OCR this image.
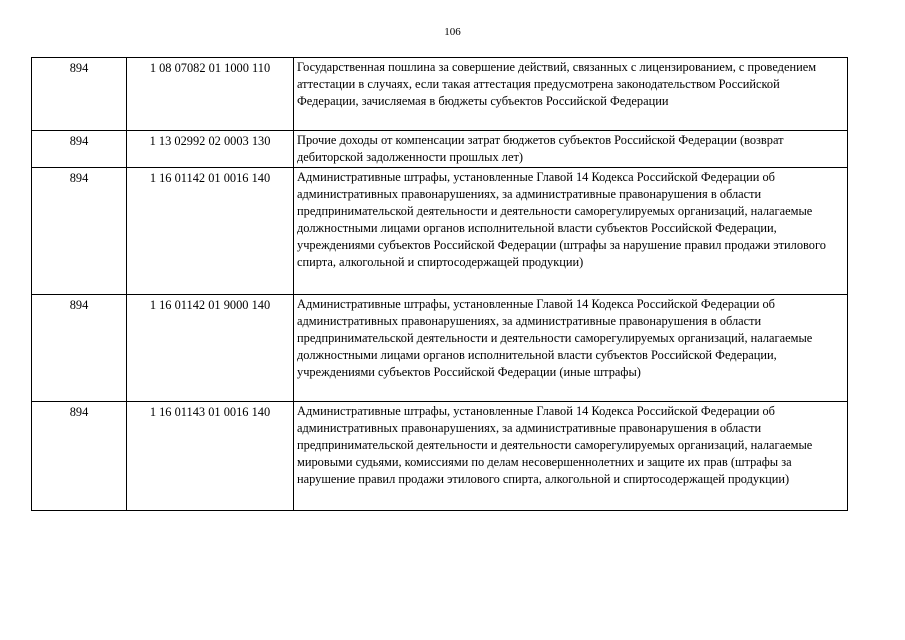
106
894	1 08 07082 01 1000 110	Государственная пошлина за совершение действий, связанных с лицензированием, с проведением аттестации в случаях, если такая аттестация предусмотрена законодательством Российской Федерации, зачисляемая в бюджеты субъектов Российской Федерации
894	1 13 02992 02 0003 130	Прочие доходы от компенсации затрат бюджетов субъектов Российской Федерации (возврат дебиторской задолженности прошлых лет)
894	1 16 01142 01 0016 140	Административные штрафы, установленные Главой 14 Кодекса Российской Федерации об административных правонарушениях, за административные правонарушения в области предпринимательской деятельности и деятельности саморегулируемых организаций, налагаемые должностными лицами органов исполнительной власти субъектов Российской Федерации, учреждениями субъектов Российской Федерации (штрафы за нарушение правил продажи этилового спирта, алкогольной и спиртосодержащей продукции)
894	1 16 01142 01 9000 140	Административные штрафы, установленные Главой 14 Кодекса Российской Федерации об административных правонарушениях, за административные правонарушения в области предпринимательской деятельности и деятельности саморегулируемых организаций, налагаемые должностными лицами органов исполнительной власти субъектов Российской Федерации, учреждениями субъектов Российской Федерации (иные штрафы)
894	1 16 01143 01 0016 140	Административные штрафы, установленные Главой 14 Кодекса Российской Федерации об административных правонарушениях, за административные правонарушения в области предпринимательской деятельности и деятельности саморегулируемых организаций, налагаемые мировыми судьями, комиссиями по делам несовершеннолетних и защите их прав (штрафы за нарушение правил продажи этилового спирта, алкогольной и спиртосодержащей продукции)
